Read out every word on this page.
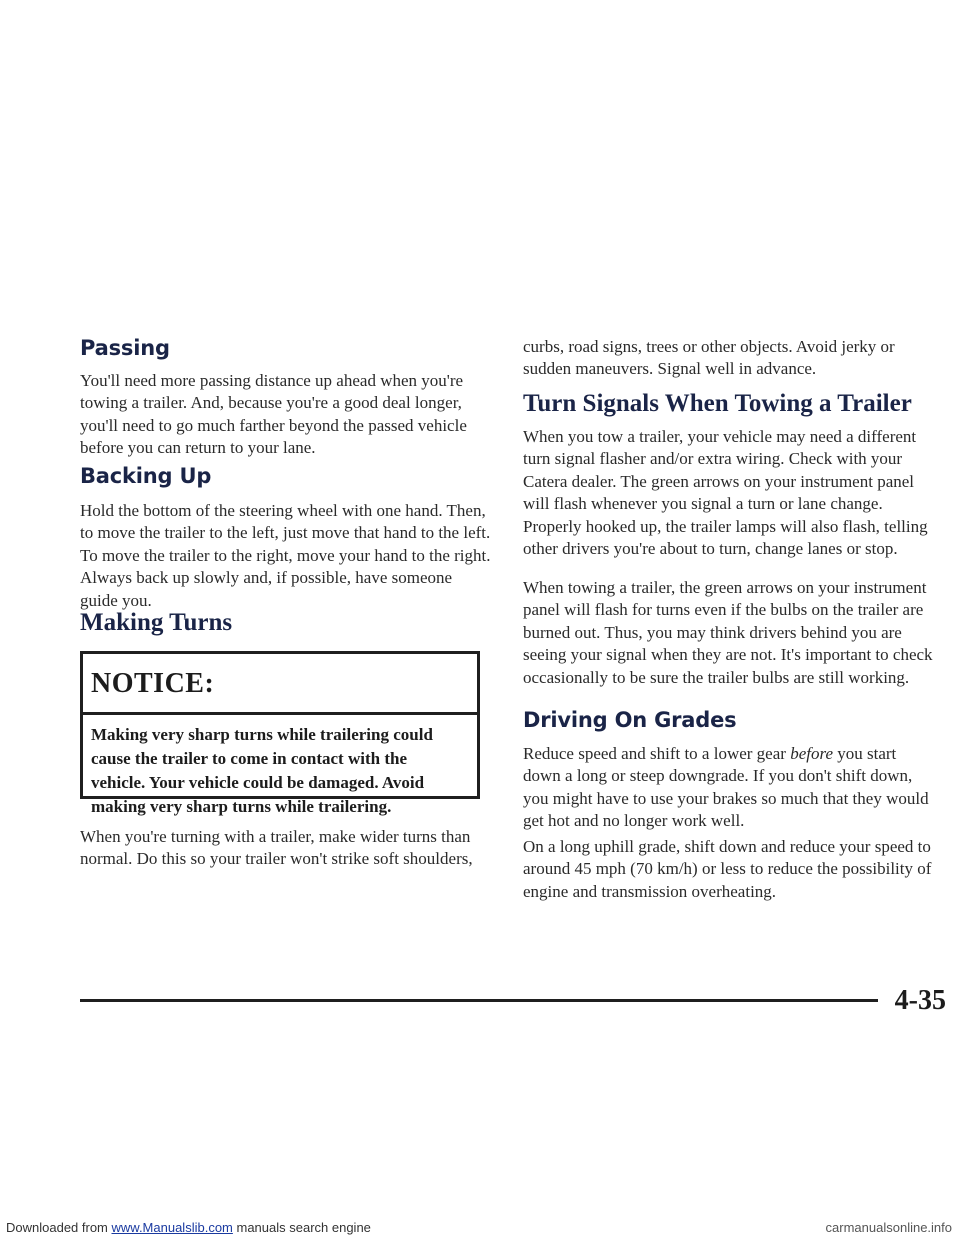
Passing

You'll need more passing distance up ahead when you're towing a trailer. And, because you're a good deal longer, you'll need to go much farther beyond the passed vehicle before you can return to your lane.

Backing Up

Hold the bottom of the steering wheel with one hand. Then, to move the trailer to the left, just move that hand to the left. To move the trailer to the right, move your hand to the right. Always back up slowly and, if possible, have someone guide you.

Making Turns

NOTICE:

Making very sharp turns while trailering could cause the trailer to come in contact with the vehicle. Your vehicle could be damaged. Avoid making very sharp turns while trailering.

When you're turning with a trailer, make wider turns than normal. Do this so your trailer won't strike soft shoulders,

curbs, road signs, trees or other objects. Avoid jerky or sudden maneuvers. Signal well in advance.

Turn Signals When Towing a Trailer

When you tow a trailer, your vehicle may need a different turn signal flasher and/or extra wiring. Check with your Catera dealer. The green arrows on your instrument panel will flash whenever you signal a turn or lane change. Properly hooked up, the trailer lamps will also flash, telling other drivers you're about to turn, change lanes or stop.

When towing a trailer, the green arrows on your instrument panel will flash for turns even if the bulbs on the trailer are burned out. Thus, you may think drivers behind you are seeing your signal when they are not. It's important to check occasionally to be sure the trailer bulbs are still working.

Driving On Grades

Reduce speed and shift to a lower gear before you start down a long or steep downgrade. If you don't shift down, you might have to use your brakes so much that they would get hot and no longer work well.

On a long uphill grade, shift down and reduce your speed to around 45 mph (70 km/h) or less to reduce the possibility of engine and transmission overheating.

4-35

Downloaded from www.Manualslib.com manuals search engine	carmanualsonline.info
